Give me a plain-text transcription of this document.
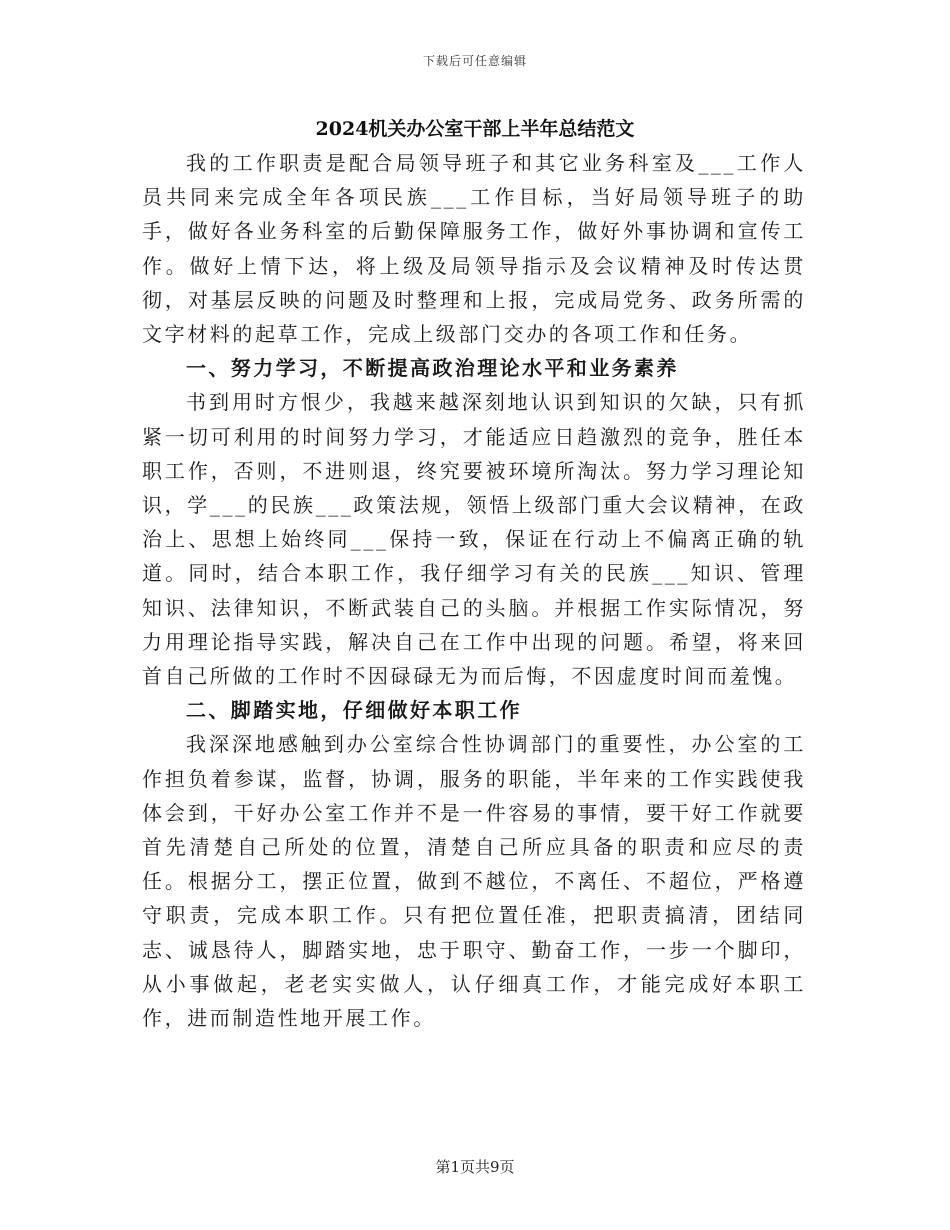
下载后可任意编辑
2024机关办公室干部上半年总结范文

我的工作职责是配合局领导班子和其它业务科室及___工作人员共同来完成全年各项民族___工作目标，当好局领导班子的助手，做好各业务科室的后勤保障服务工作，做好外事协调和宣传工作。做好上情下达，将上级及局领导指示及会议精神及时传达贯彻，对基层反映的问题及时整理和上报，完成局党务、政务所需的文字材料的起草工作，完成上级部门交办的各项工作和任务。

一、努力学习，不断提高政治理论水平和业务素养

书到用时方恨少，我越来越深刻地认识到知识的欠缺，只有抓紧一切可利用的时间努力学习，才能适应日趋激烈的竞争，胜任本职工作，否则，不进则退，终究要被环境所淘汰。努力学习理论知识，学___的民族___政策法规，领悟上级部门重大会议精神，在政治上、思想上始终同___保持一致，保证在行动上不偏离正确的轨道。同时，结合本职工作，我仔细学习有关的民族___知识、管理知识、法律知识，不断武装自己的头脑。并根据工作实际情况，努力用理论指导实践，解决自己在工作中出现的问题。希望，将来回首自己所做的工作时不因碌碌无为而后悔，不因虚度时间而羞愧。

二、脚踏实地，仔细做好本职工作

我深深地感触到办公室综合性协调部门的重要性，办公室的工作担负着参谋，监督，协调，服务的职能，半年来的工作实践使我体会到，干好办公室工作并不是一件容易的事情，要干好工作就要首先清楚自己所处的位置，清楚自己所应具备的职责和应尽的责任。根据分工，摆正位置，做到不越位，不离任、不超位，严格遵守职责，完成本职工作。只有把位置任准，把职责搞清，团结同志、诚恳待人，脚踏实地，忠于职守、勤奋工作，一步一个脚印，从小事做起，老老实实做人，认仔细真工作，才能完成好本职工作，进而制造性地开展工作。

第1页共9页
